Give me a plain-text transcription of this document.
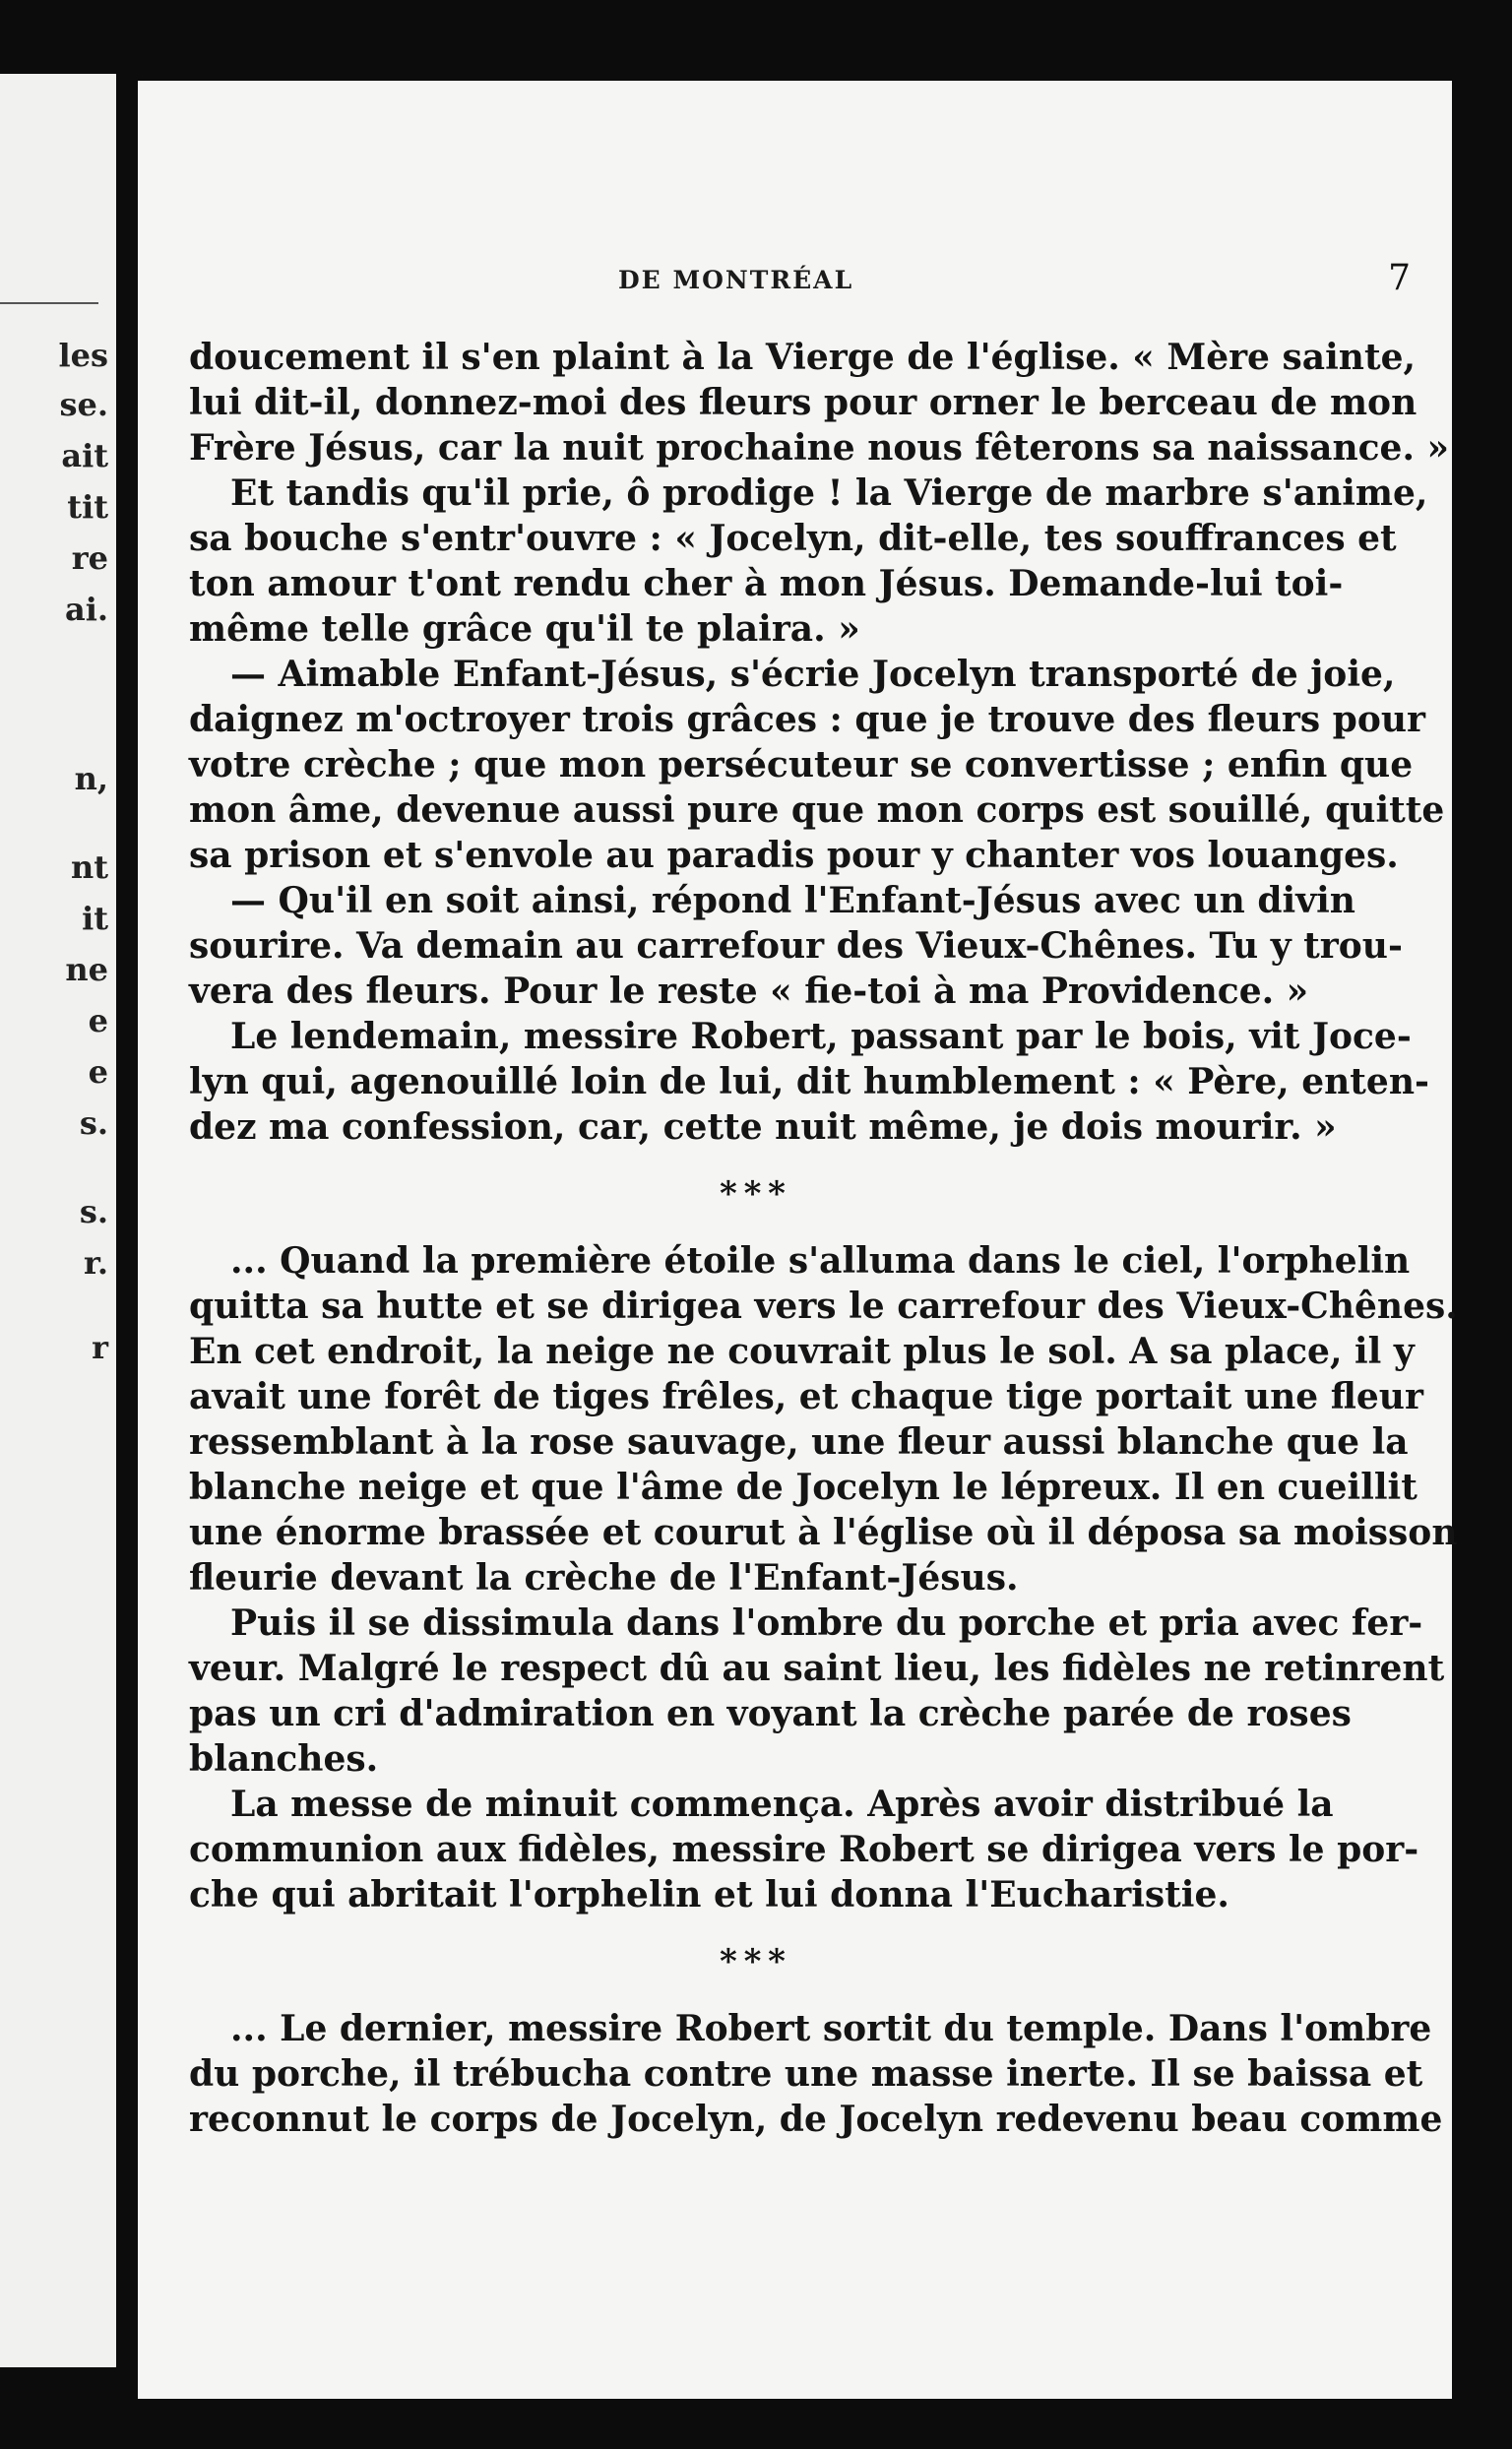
les
se.
ait
tit
re
ai.
n,
nt
it
ne
e
e
s.
s.
r.
r
DE MONTRÉAL	7
doucement il s'en plaint à la Vierge de l'église. « Mère sainte,
lui dit-il, donnez-moi des fleurs pour orner le berceau de mon
Frère Jésus, car la nuit prochaine nous fêterons sa naissance. »
Et tandis qu'il prie, ô prodige ! la Vierge de marbre s'anime,
sa bouche s'entr'ouvre : « Jocelyn, dit-elle, tes souffrances et
ton amour t'ont rendu cher à mon Jésus. Demande-lui toi-
même telle grâce qu'il te plaira. »
— Aimable Enfant-Jésus, s'écrie Jocelyn transporté de joie,
daignez m'octroyer trois grâces : que je trouve des fleurs pour
votre crèche ; que mon persécuteur se convertisse ; enfin que
mon âme, devenue aussi pure que mon corps est souillé, quitte
sa prison et s'envole au paradis pour y chanter vos louanges.
— Qu'il en soit ainsi, répond l'Enfant-Jésus avec un divin
sourire. Va demain au carrefour des Vieux-Chênes. Tu y trou-
vera des fleurs. Pour le reste « fie-toi à ma Providence. »
Le lendemain, messire Robert, passant par le bois, vit Joce-
lyn qui, agenouillé loin de lui, dit humblement : « Père, enten-
dez ma confession, car, cette nuit même, je dois mourir. »
* * *
... Quand la première étoile s'alluma dans le ciel, l'orphelin
quitta sa hutte et se dirigea vers le carrefour des Vieux-Chênes.
En cet endroit, la neige ne couvrait plus le sol. A sa place, il y
avait une forêt de tiges frêles, et chaque tige portait une fleur
ressemblant à la rose sauvage, une fleur aussi blanche que la
blanche neige et que l'âme de Jocelyn le lépreux. Il en cueillit
une énorme brassée et courut à l'église où il déposa sa moisson
fleurie devant la crèche de l'Enfant-Jésus.
Puis il se dissimula dans l'ombre du porche et pria avec fer-
veur. Malgré le respect dû au saint lieu, les fidèles ne retinrent
pas un cri d'admiration en voyant la crèche parée de roses
blanches.
La messe de minuit commença. Après avoir distribué la
communion aux fidèles, messire Robert se dirigea vers le por-
che qui abritait l'orphelin et lui donna l'Eucharistie.
* * *
... Le dernier, messire Robert sortit du temple. Dans l'ombre
du porche, il trébucha contre une masse inerte. Il se baissa et
reconnut le corps de Jocelyn, de Jocelyn redevenu beau comme
